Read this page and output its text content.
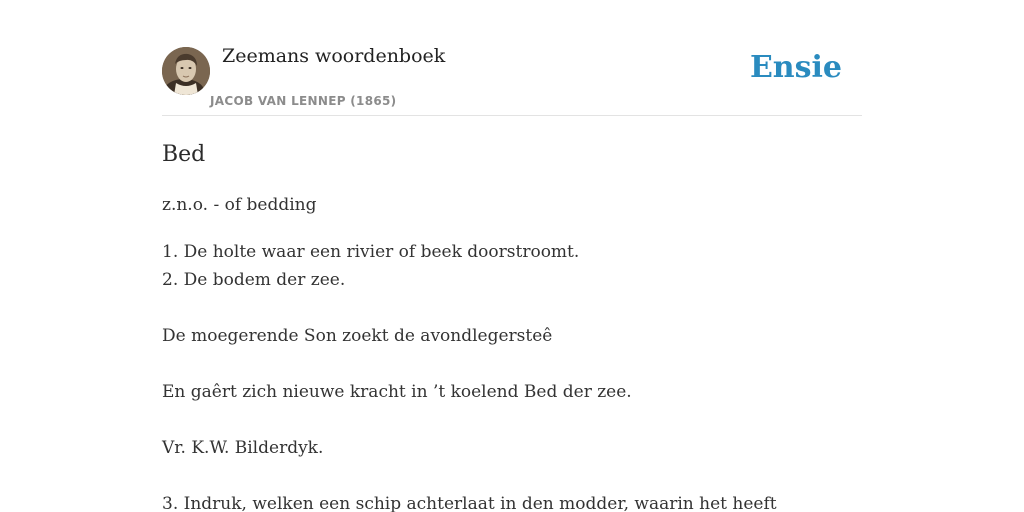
Zeemans woordenboek
JACOB VAN LENNEP (1865)
Ensie
Bed

z.n.o. - of bedding

1. De holte waar een rivier of beek doorstroomt.
2. De bodem der zee.
De moegerende Son zoekt de avondlegersteê
En gaêrt zich nieuwe kracht in ’t koelend Bed der zee.
Vr. K.W. Bilderdyk.
3. Indruk, welken een schip achterlaat in den modder, waarin het heeft
